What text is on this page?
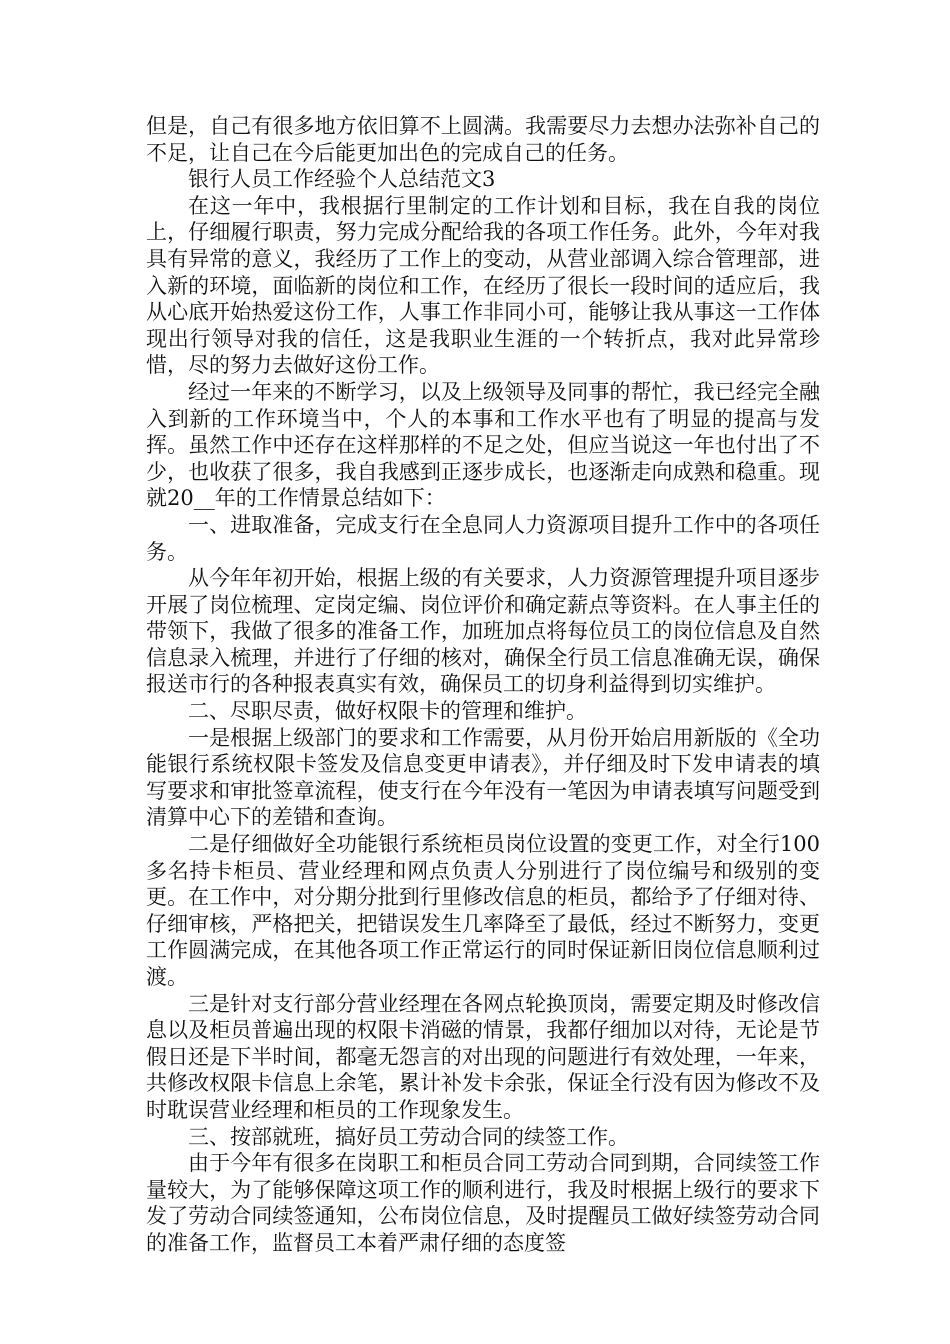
但是，自己有很多地方依旧算不上圆满。我需要尽力去想办法弥补自己的不足，让自己在今后能更加出色的完成自己的任务。

银行人员工作经验个人总结范文3

在这一年中，我根据行里制定的工作计划和目标，我在自我的岗位上，仔细履行职责，努力完成分配给我的各项工作任务。此外，今年对我具有异常的意义，我经历了工作上的变动，从营业部调入综合管理部，进入新的环境，面临新的岗位和工作，在经历了很长一段时间的适应后，我从心底开始热爱这份工作，人事工作非同小可，能够让我从事这一工作体现出行领导对我的信任，这是我职业生涯的一个转折点，我对此异常珍惜，尽的努力去做好这份工作。

经过一年来的不断学习，以及上级领导及同事的帮忙，我已经完全融入到新的工作环境当中，个人的本事和工作水平也有了明显的提高与发挥。虽然工作中还存在这样那样的不足之处，但应当说这一年也付出了不少，也收获了很多，我自我感到正逐步成长，也逐渐走向成熟和稳重。现就20__年的工作情景总结如下：

一、进取准备，完成支行在全息同人力资源项目提升工作中的各项任务。

从今年年初开始，根据上级的有关要求，人力资源管理提升项目逐步开展了岗位梳理、定岗定编、岗位评价和确定薪点等资料。在人事主任的带领下，我做了很多的准备工作，加班加点将每位员工的岗位信息及自然信息录入梳理，并进行了仔细的核对，确保全行员工信息准确无误，确保报送市行的各种报表真实有效，确保员工的切身利益得到切实维护。

二、尽职尽责，做好权限卡的管理和维护。

一是根据上级部门的要求和工作需要，从月份开始启用新版的《全功能银行系统权限卡签发及信息变更申请表》，并仔细及时下发申请表的填写要求和审批签章流程，使支行在今年没有一笔因为申请表填写问题受到清算中心下的差错和查询。

二是仔细做好全功能银行系统柜员岗位设置的变更工作，对全行100多名持卡柜员、营业经理和网点负责人分别进行了岗位编号和级别的变更。在工作中，对分期分批到行里修改信息的柜员，都给予了仔细对待、仔细审核，严格把关，把错误发生几率降至了最低，经过不断努力，变更工作圆满完成，在其他各项工作正常运行的同时保证新旧岗位信息顺利过渡。

三是针对支行部分营业经理在各网点轮换顶岗，需要定期及时修改信息以及柜员普遍出现的权限卡消磁的情景，我都仔细加以对待，无论是节假日还是下半时间，都毫无怨言的对出现的问题进行有效处理，一年来，共修改权限卡信息上余笔，累计补发卡余张，保证全行没有因为修改不及时耽误营业经理和柜员的工作现象发生。

三、按部就班，搞好员工劳动合同的续签工作。

由于今年有很多在岗职工和柜员合同工劳动合同到期，合同续签工作量较大，为了能够保障这项工作的顺利进行，我及时根据上级行的要求下发了劳动合同续签通知，公布岗位信息，及时提醒员工做好续签劳动合同的准备工作，监督员工本着严肃仔细的态度签
